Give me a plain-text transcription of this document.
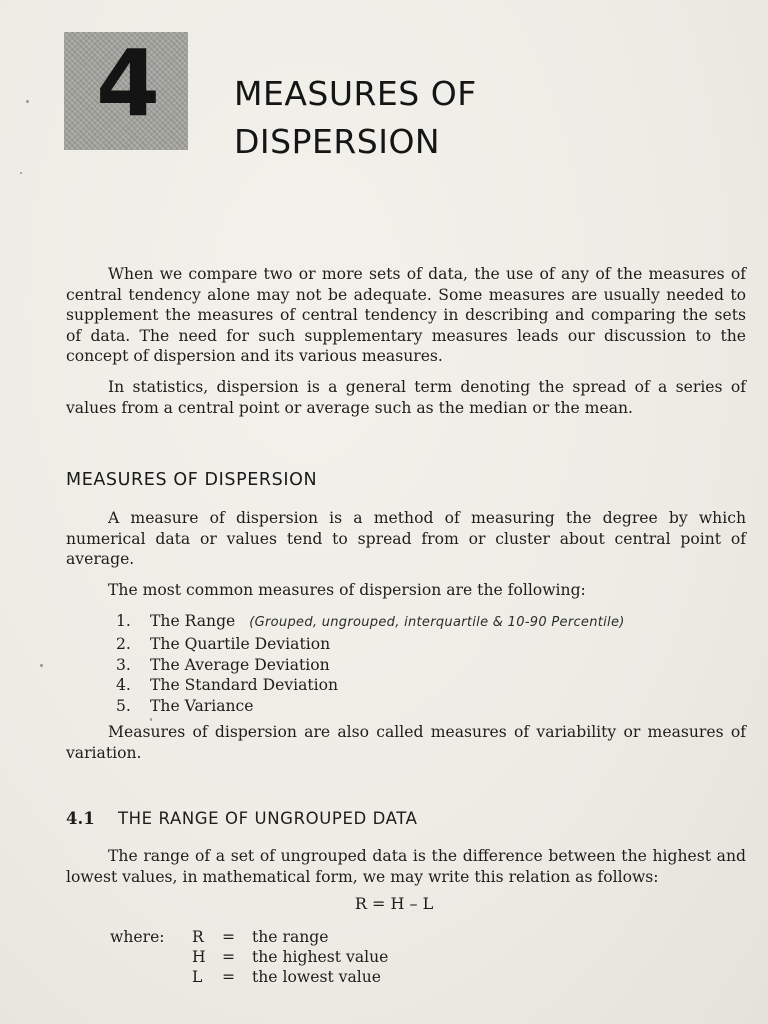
4 MEASURES OF
DISPERSION

When we compare two or more sets of data, the use of any of the measures of central tendency alone may not be adequate. Some measures are usually needed to supplement the measures of central tendency in describing and comparing the sets of data. The need for such supplementary measures leads our discussion to the concept of dispersion and its various measures.

In statistics, dispersion is a general term denoting the spread of a series of values from a central point or average such as the median or the mean.

MEASURES OF DISPERSION

A measure of dispersion is a method of measuring the degree by which numerical data or values tend to spread from or cluster about central point of average.

The most common measures of dispersion are the following:

1. The Range (Grouped, ungrouped, interquartile & 10-90 Percentile)
2. The Quartile Deviation
3. The Average Deviation
4. The Standard Deviation
5. The Variance

Measures of dispersion are also called measures of variability or measures of variation.

4.1 THE RANGE OF UNGROUPED DATA

The range of a set of ungrouped data is the difference between the highest and lowest values, in mathematical form, we may write this relation as follows:

R = H – L
where:	R	=	the range
	H	=	the highest value
	L	=	the lowest value
